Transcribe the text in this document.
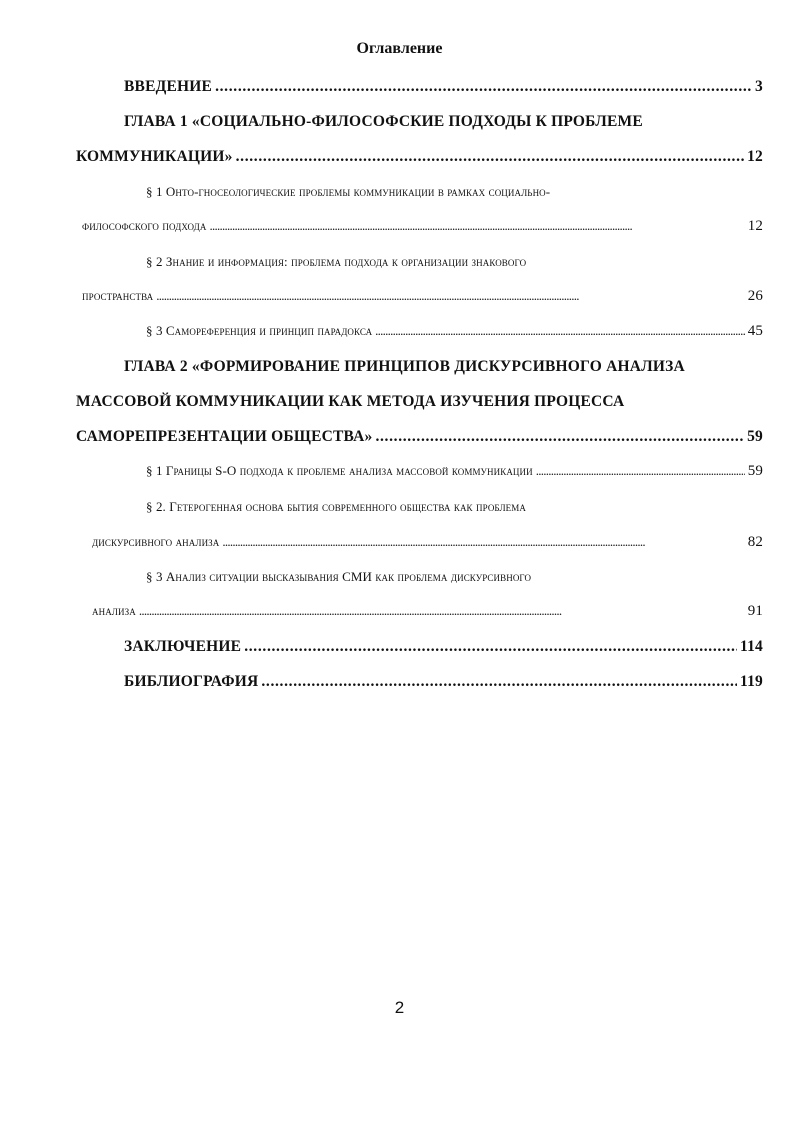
Оглавление
ВВЕДЕНИЕ . . .	3
ГЛАВА 1 «СОЦИАЛЬНО-ФИЛОСОФСКИЕ ПОДХОДЫ К ПРОБЛЕМЕ
КОММУНИКАЦИИ» . . .	12
§ 1 Онто-гносеологические проблемы коммуникации в рамках социально-
философского подхода . . .	12
§ 2 Знание и информация: проблема подхода к организации знакового
пространства . . .	26
§ 3 Самореференция и принцип парадокса . . .	45
ГЛАВА 2 «ФОРМИРОВАНИЕ ПРИНЦИПОВ ДИСКУРСИВНОГО АНАЛИЗА
МАССОВОЙ КОММУНИКАЦИИ КАК МЕТОДА ИЗУЧЕНИЯ ПРОЦЕССА
САМОРЕПРЕЗЕНТАЦИИ ОБЩЕСТВА» . . .	59
§ 1 Границы S-O подхода к проблеме анализа массовой коммуникации . . .	59
§ 2. Гетерогенная основа бытия современного общества как проблема
дискурсивного анализа . . .	82
§ 3 Анализ ситуации высказывания СМИ как проблема дискурсивного
анализа . . .	91
ЗАКЛЮЧЕНИЕ . . .	114
БИБЛИОГРАФИЯ . . .	119
2
